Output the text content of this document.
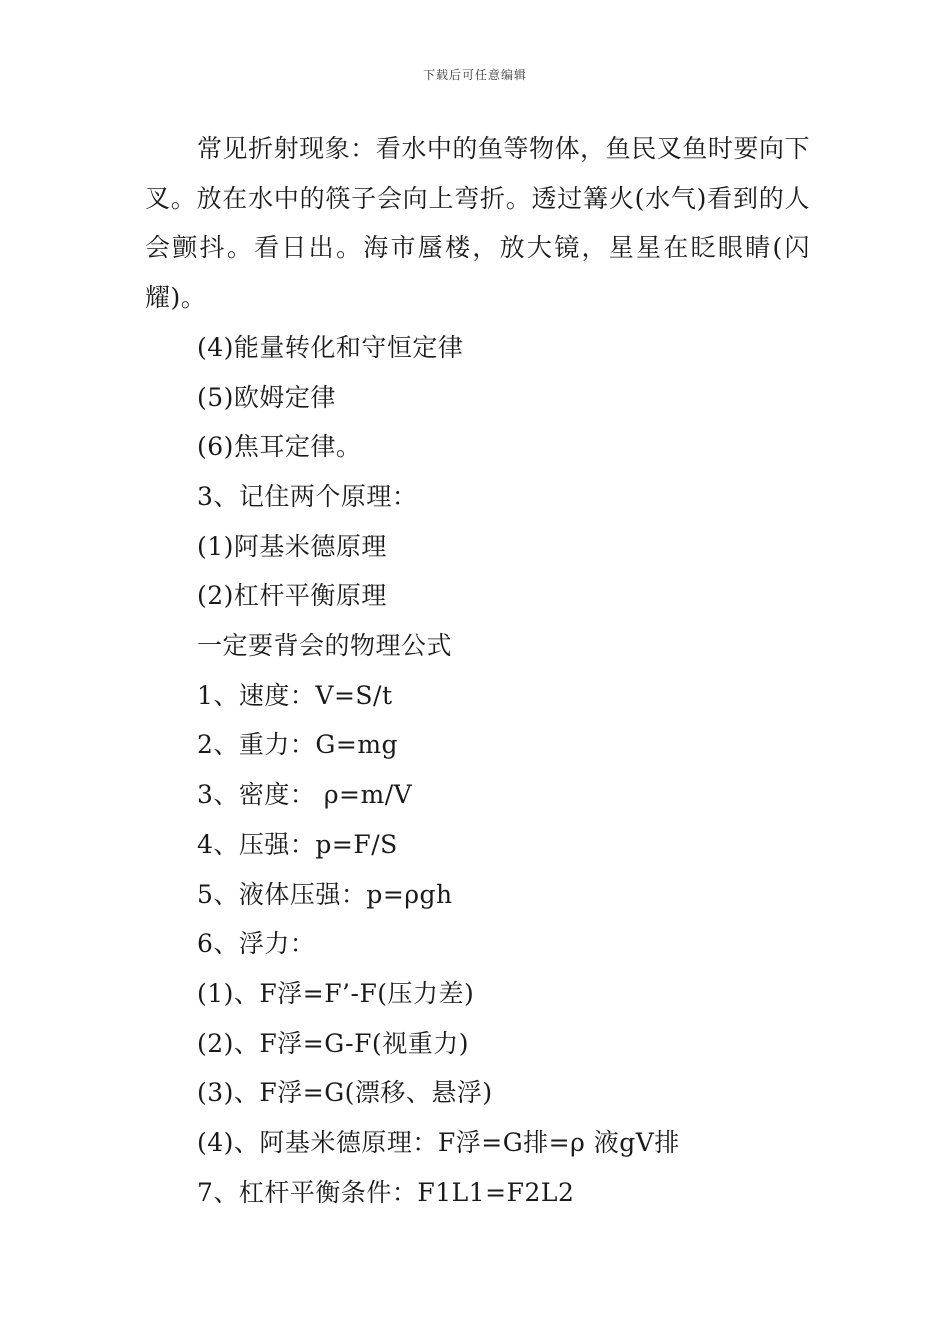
下载后可任意编辑

常见折射现象：看水中的鱼等物体，鱼民叉鱼时要向下叉。放在水中的筷子会向上弯折。透过篝火(水气)看到的人会颤抖。看日出。海市蜃楼，放大镜，星星在眨眼睛(闪耀)。

(4)能量转化和守恒定律

(5)欧姆定律

(6)焦耳定律。

3、记住两个原理：

(1)阿基米德原理

(2)杠杆平衡原理

一定要背会的物理公式

1、速度：V=S/t

2、重力：G=mg

3、密度： ρ=m/V

4、压强：p=F/S

5、液体压强：p=ρgh

6、浮力：

(1)、F浮=F’-F(压力差)

(2)、F浮=G-F(视重力)

(3)、F浮=G(漂移、悬浮)

(4)、阿基米德原理：F浮=G排=ρ 液gV排

7、杠杆平衡条件：F1L1=F2L2
